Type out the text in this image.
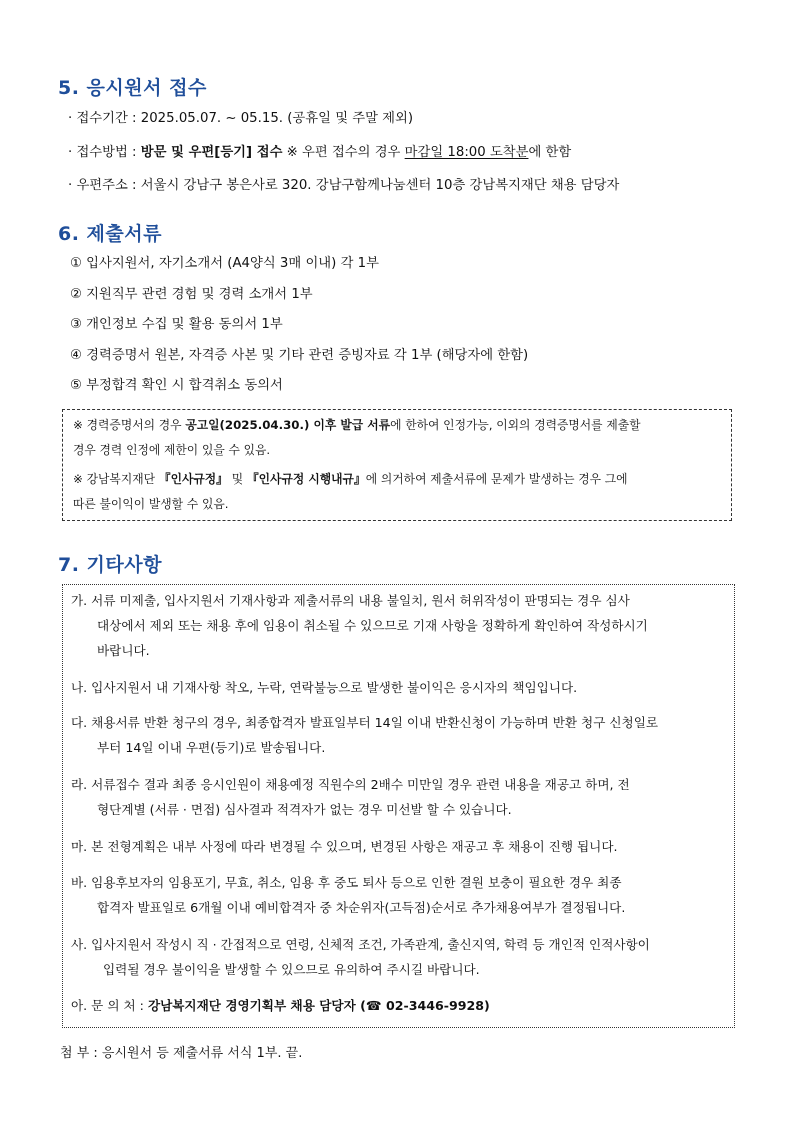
5. 응시원서 접수
· 접수기간 : 2025.05.07. ~ 05.15. (공휴일 및 주말 제외)
· 접수방법 : 방문 및 우편[등기] 접수 ※ 우편 접수의 경우 마감일 18:00 도착분에 한함
· 우편주소 : 서울시 강남구 봉은사로 320. 강남구함께나눔센터 10층 강남복지재단 채용 담당자
6. 제출서류
① 입사지원서, 자기소개서 (A4양식 3매 이내) 각 1부
② 지원직무 관련 경험 및 경력 소개서 1부
③ 개인정보 수집 및 활용 동의서 1부
④ 경력증명서 원본, 자격증 사본 및 기타 관련 증빙자료 각 1부 (해당자에 한함)
⑤ 부정합격 확인 시 합격취소 동의서
※ 경력증명서의 경우 공고일(2025.04.30.) 이후 발급 서류에 한하여 인정가능, 이외의 경력증명서를 제출할
경우 경력 인정에 제한이 있을 수 있음.
※ 강남복지재단 『인사규정』 및 『인사규정 시행내규』에 의거하여 제출서류에 문제가 발생하는 경우 그에
따른 불이익이 발생할 수 있음.
7. 기타사항
가. 서류 미제출, 입사지원서 기재사항과 제출서류의 내용 불일치, 원서 허위작성이 판명되는 경우 심사
대상에서 제외 또는 채용 후에 임용이 취소될 수 있으므로 기재 사항을 정확하게 확인하여 작성하시기
바랍니다.
나. 입사지원서 내 기재사항 착오, 누락, 연락불능으로 발생한 불이익은 응시자의 책임입니다.
다. 채용서류 반환 청구의 경우, 최종합격자 발표일부터 14일 이내 반환신청이 가능하며 반환 청구 신청일로
부터 14일 이내 우편(등기)로 발송됩니다.
라. 서류접수 결과 최종 응시인원이 채용예정 직원수의 2배수 미만일 경우 관련 내용을 재공고 하며, 전
형단계별 (서류 · 면접) 심사결과 적격자가 없는 경우 미선발 할 수 있습니다.
마. 본 전형계획은 내부 사정에 따라 변경될 수 있으며, 변경된 사항은 재공고 후 채용이 진행 됩니다.
바. 임용후보자의 임용포기, 무효, 취소, 임용 후 중도 퇴사 등으로 인한 결원 보충이 필요한 경우 최종
합격자 발표일로 6개월 이내 예비합격자 중 차순위자(고득점)순서로 추가채용여부가 결정됩니다.
사. 입사지원서 작성시 직 · 간접적으로 연령, 신체적 조건, 가족관계, 출신지역, 학력 등 개인적 인적사항이
입력될 경우 불이익을 발생할 수 있으므로 유의하여 주시길 바랍니다.
아. 문 의 처 : 강남복지재단 경영기획부 채용 담당자 (☎ 02-3446-9928)
첨 부 : 응시원서 등 제출서류 서식 1부. 끝.
